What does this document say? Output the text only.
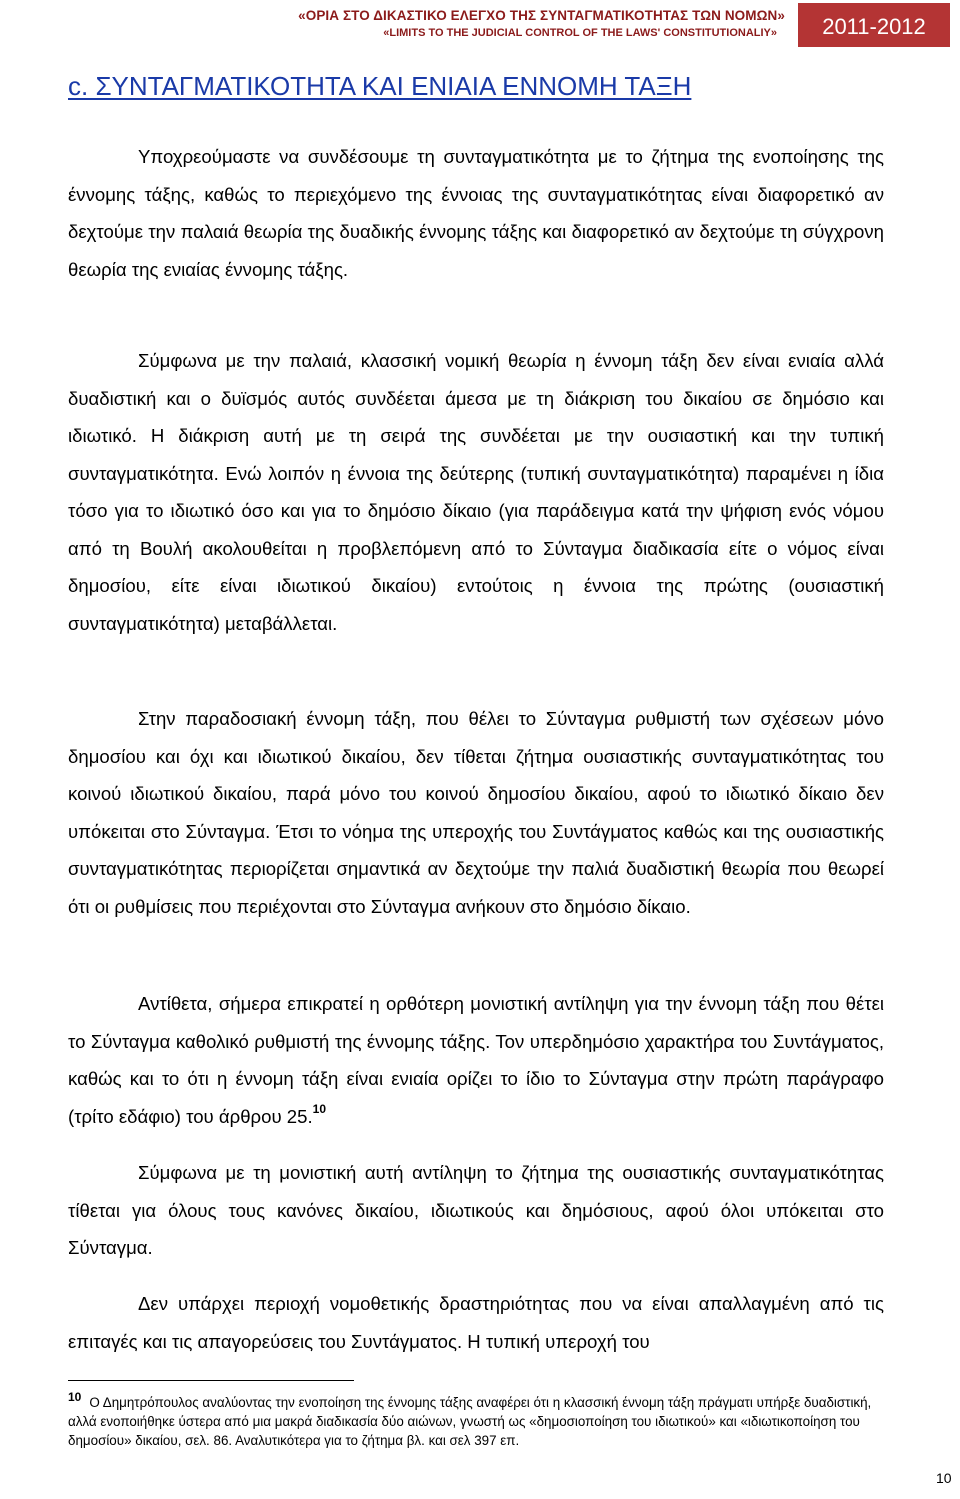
«ΟΡΙΑ ΣΤΟ ΔΙΚΑΣΤΙΚΟ ΕΛΕΓΧΟ ΤΗΣ ΣΥΝΤΑΓΜΑΤΙΚΟΤΗΤΑΣ ΤΩΝ ΝΟΜΩΝ»
«LIMITS TO THE JUDICIAL CONTROL OF THE LAWS' CONSTITUTIONALIY»	2011-2012
c. ΣΥΝΤΑΓΜΑΤΙΚΟΤΗΤΑ ΚΑΙ ΕΝΙΑΙΑ ΕΝΝΟΜΗ ΤΑΞΗ

Υποχρεούμαστε να συνδέσουμε τη συνταγματικότητα με το ζήτημα της ενοποίησης της έννομης τάξης, καθώς το περιεχόμενο της έννοιας της συνταγματικότητας είναι διαφορετικό αν δεχτούμε την παλαιά θεωρία της δυαδικής έννομης τάξης και διαφορετικό αν δεχτούμε τη σύγχρονη θεωρία της ενιαίας έννομης τάξης.

Σύμφωνα με την παλαιά, κλασσική νομική θεωρία η έννομη τάξη δεν είναι ενιαία αλλά δυαδιστική και ο δυϊσμός αυτός συνδέεται άμεσα με τη διάκριση του δικαίου σε δημόσιο και ιδιωτικό. Η διάκριση αυτή με τη σειρά της συνδέεται με την ουσιαστική και την τυπική συνταγματικότητα. Ενώ λοιπόν η έννοια της δεύτερης (τυπική συνταγματικότητα) παραμένει η ίδια τόσο για το ιδιωτικό όσο και για το δημόσιο δίκαιο (για παράδειγμα κατά την ψήφιση ενός νόμου από τη Βουλή ακολουθείται η προβλεπόμενη από το Σύνταγμα διαδικασία είτε ο νόμος είναι δημοσίου, είτε είναι ιδιωτικού δικαίου) εντούτοις η έννοια της πρώτης (ουσιαστική συνταγματικότητα) μεταβάλλεται.

Στην παραδοσιακή έννομη τάξη, που θέλει το Σύνταγμα ρυθμιστή των σχέσεων μόνο δημοσίου και όχι και ιδιωτικού δικαίου, δεν τίθεται ζήτημα ουσιαστικής συνταγματικότητας του κοινού ιδιωτικού δικαίου, παρά μόνο του κοινού δημοσίου δικαίου, αφού το ιδιωτικό δίκαιο δεν υπόκειται στο Σύνταγμα. Έτσι το νόημα της υπεροχής του Συντάγματος καθώς και της ουσιαστικής συνταγματικότητας περιορίζεται σημαντικά αν δεχτούμε την παλιά δυαδιστική θεωρία που θεωρεί ότι οι ρυθμίσεις που περιέχονται στο Σύνταγμα ανήκουν στο δημόσιο δίκαιο.

Αντίθετα, σήμερα επικρατεί η ορθότερη μονιστική αντίληψη για την έννομη τάξη που θέτει το Σύνταγμα καθολικό ρυθμιστή της έννομης τάξης. Τον υπερδημόσιο χαρακτήρα του Συντάγματος, καθώς και το ότι η έννομη τάξη είναι ενιαία ορίζει το ίδιο το Σύνταγμα στην πρώτη παράγραφο (τρίτο εδάφιο) του άρθρου 25.10

Σύμφωνα με τη μονιστική αυτή αντίληψη το ζήτημα της ουσιαστικής συνταγματικότητας τίθεται για όλους τους κανόνες δικαίου, ιδιωτικούς και δημόσιους, αφού όλοι υπόκειται στο Σύνταγμα.

Δεν υπάρχει περιοχή νομοθετικής δραστηριότητας που να είναι απαλλαγμένη από τις επιταγές και τις απαγορεύσεις του Συντάγματος. Η τυπική υπεροχή του

$^{10}$ Ο Δημητρόπουλος αναλύοντας την ενοποίηση της έννομης τάξης αναφέρει ότι η κλασσική έννομη τάξη πράγματι υπήρξε δυαδιστική, αλλά ενοποιήθηκε ύστερα από μια μακρά διαδικασία δύο αιώνων, γνωστή ως «δημοσιοποίηση του ιδιωτικού» και «ιδιωτικοποίηση του δημοσίου» δικαίου, σελ. 86. Αναλυτικότερα για το ζήτημα βλ. και σελ 397 επ.

10
